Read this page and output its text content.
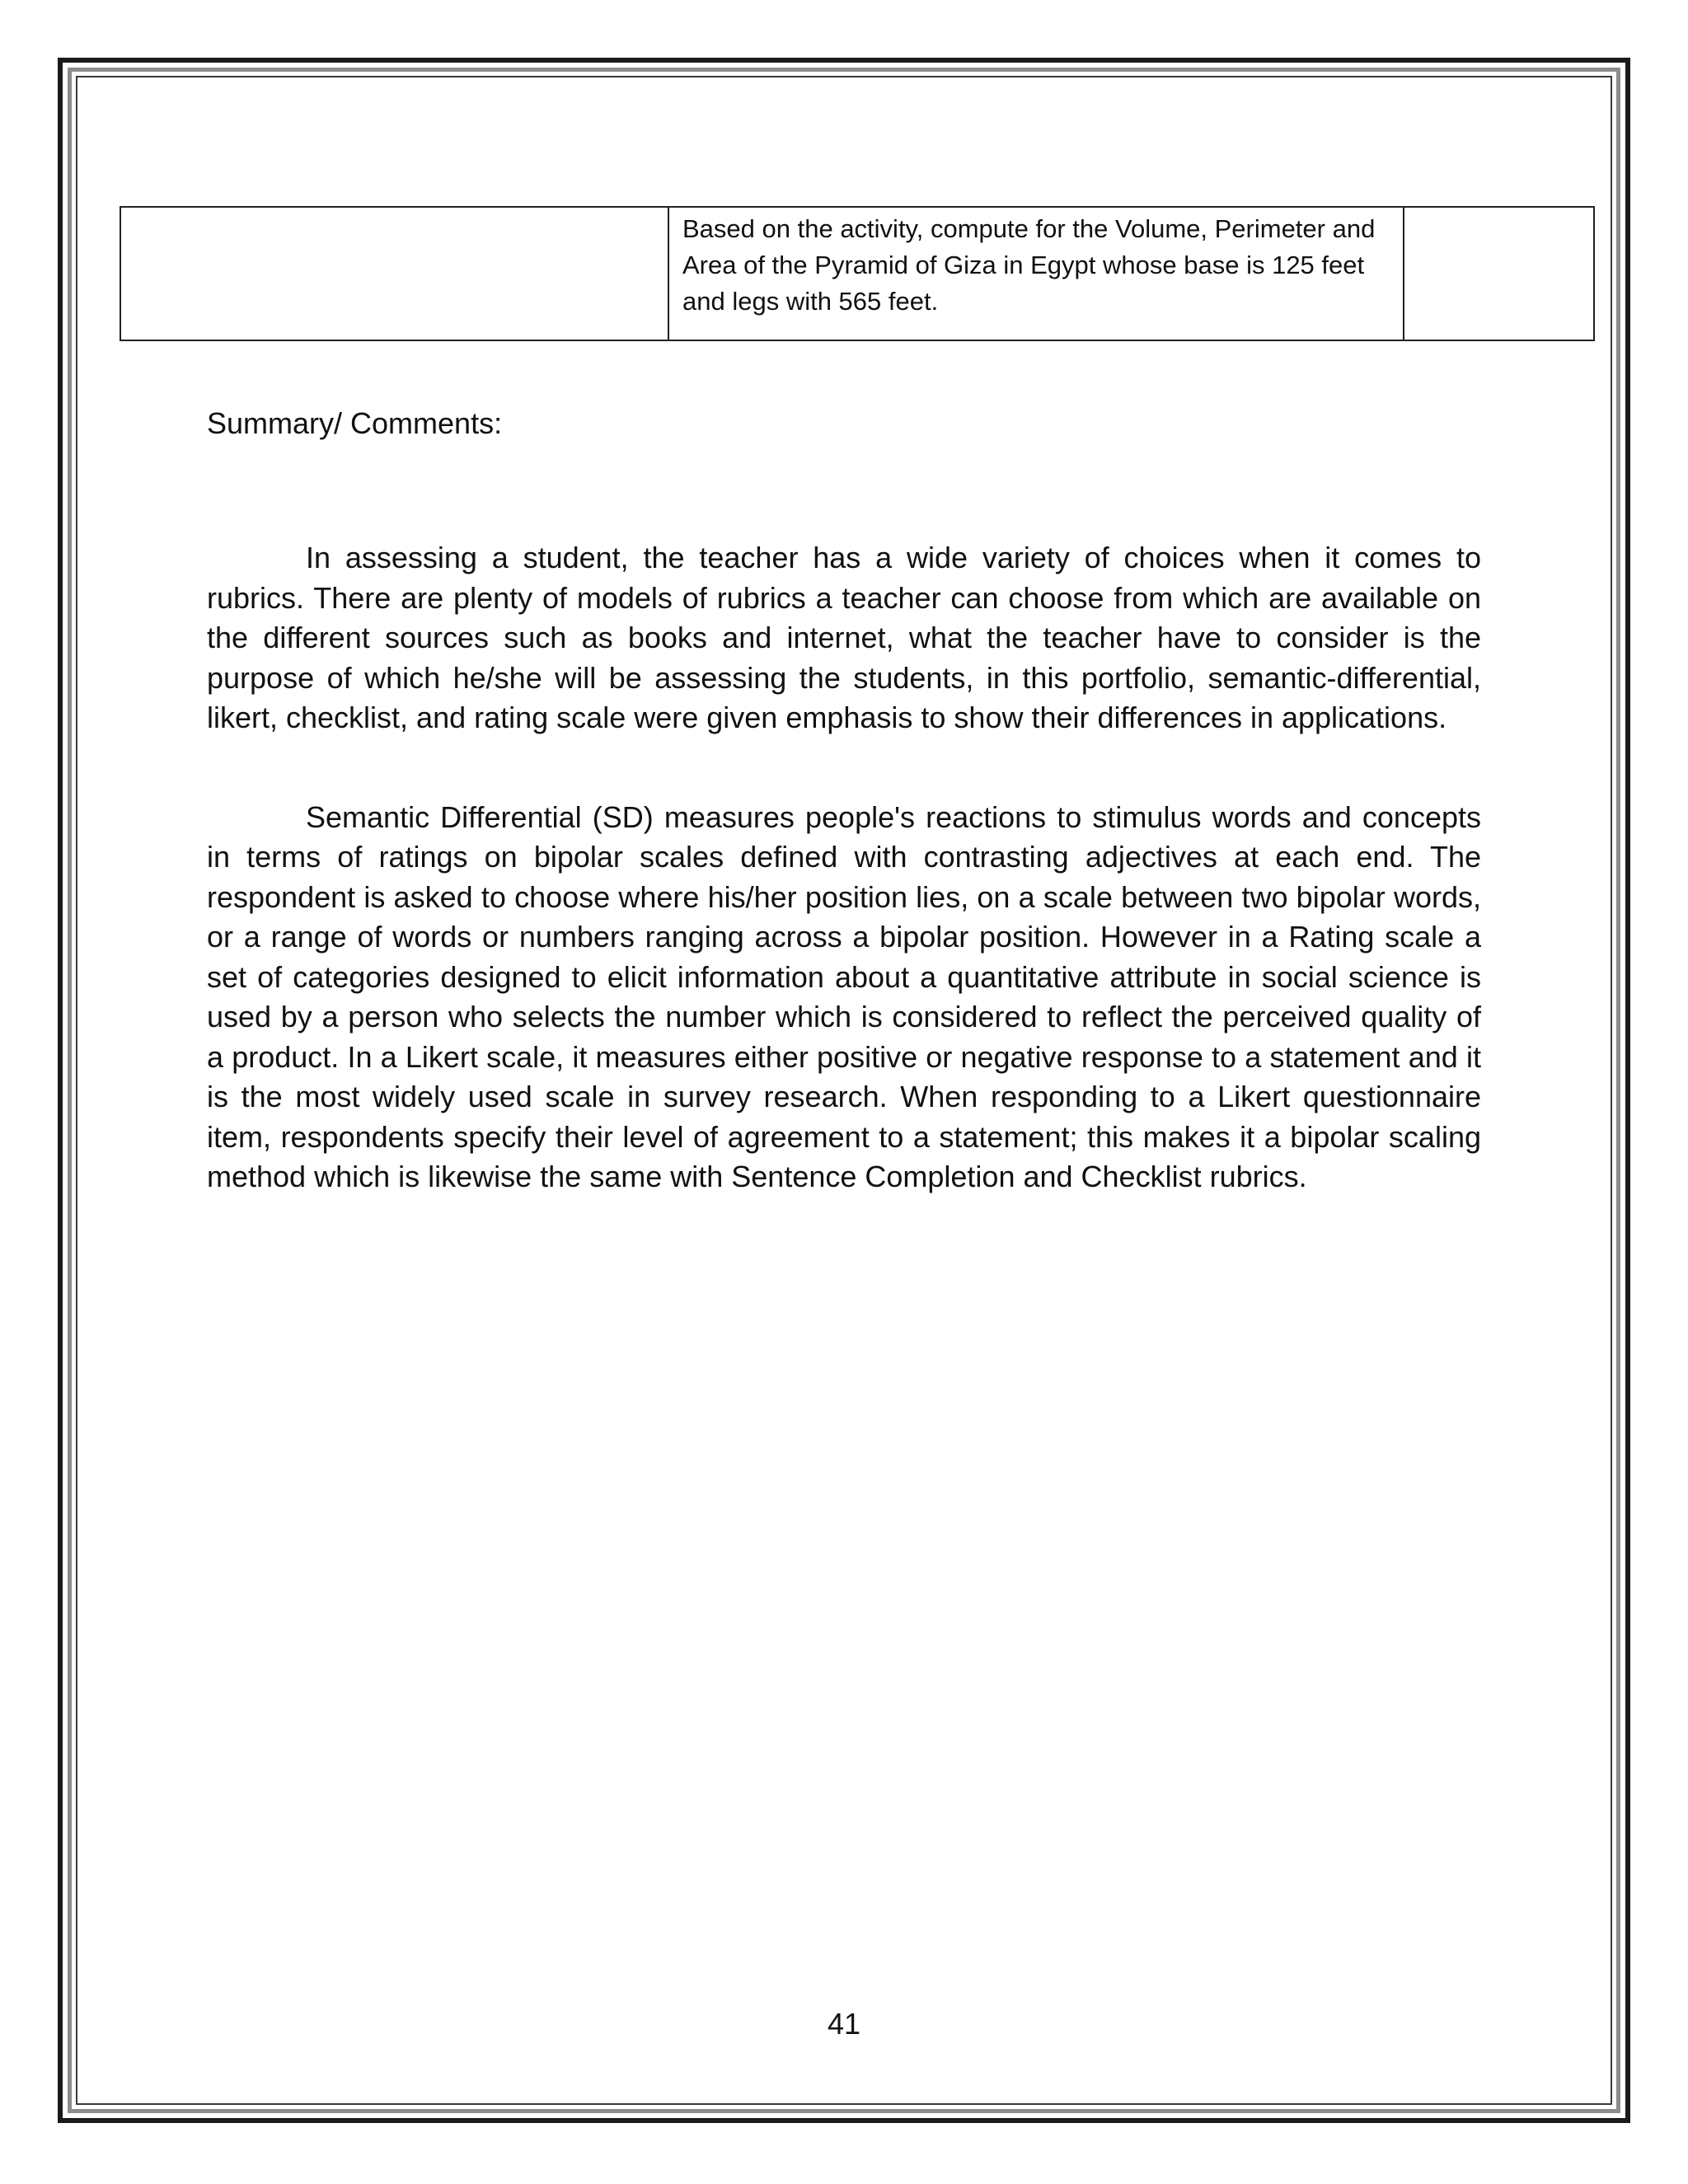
Based on the activity, compute for the Volume, Perimeter and Area of the Pyramid of Giza in Egypt whose base is 125 feet and legs with 565 feet.

Summary/ Comments:

In assessing a student, the teacher has a wide variety of choices when it comes to rubrics. There are plenty of models of rubrics a teacher can choose from which are available on the different sources such as books and internet, what the teacher have to consider is the purpose of which he/she will be assessing the students, in this portfolio, semantic-differential, likert, checklist, and rating scale were given emphasis to show their differences in applications.

Semantic Differential (SD) measures people's reactions to stimulus words and concepts in terms of ratings on bipolar scales defined with contrasting adjectives at each end. The respondent is asked to choose where his/her position lies, on a scale between two bipolar words, or a range of words or numbers ranging across a bipolar position. However in a Rating scale a set of categories designed to elicit information about a quantitative attribute in social science is used by a person who selects the number which is considered to reflect the perceived quality of a product. In a Likert scale, it measures either positive or negative response to a statement and it is the most widely used scale in survey research. When responding to a Likert questionnaire item, respondents specify their level of agreement to a statement; this makes it a bipolar scaling method which is likewise the same with Sentence Completion and Checklist rubrics.

41
